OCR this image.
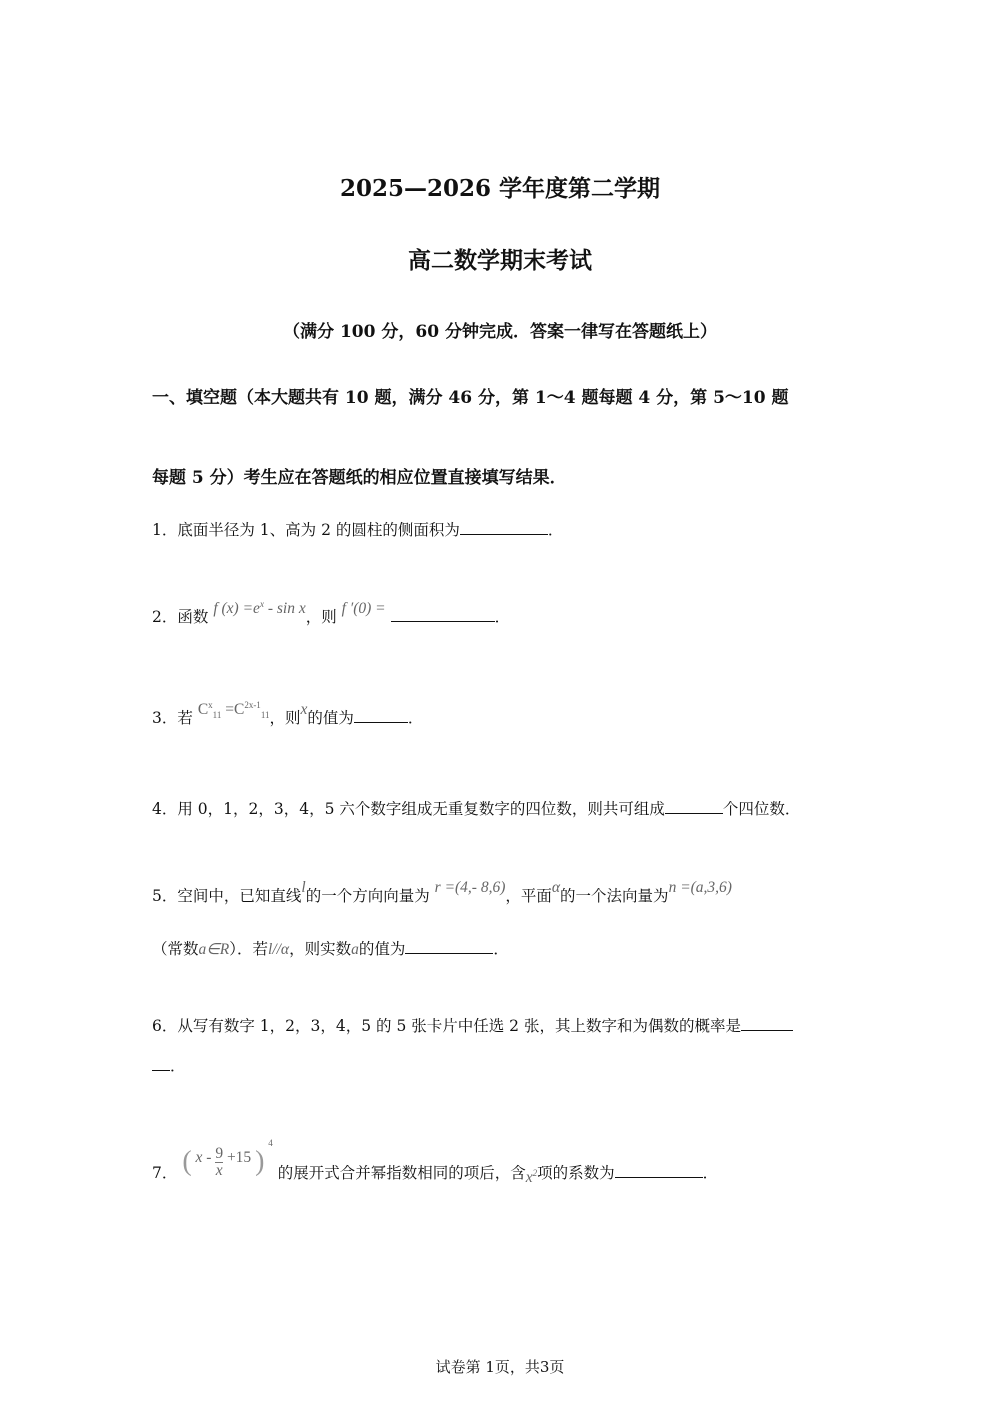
2025—2026 学年度第二学期
高二数学期末考试
（满分 100 分，60 分钟完成．答案一律写在答题纸上）
一、填空题（本大题共有 10 题，满分 46 分，第 1～4 题每题 4 分，第 5～10 题
每题 5 分）考生应在答题纸的相应位置直接填写结果．
1．底面半径为 1、高为 2 的圆柱的侧面积为	．
2．函数 f $(x) =e^x - \sin x$，则 f ′(0) =	．
3．若 $C^x_{11} =C^{2x-1}_{11}$，则x的值为	．
4．用 0，1，2，3，4，5 六个数字组成无重复数字的四位数，则共可组成	个四位数．
5．空间中，已知直线l的一个方向向量为 r =(4,- 8,6)，平面α的一个法向量为n =(a,3,6)
（常数a∈R）．若l//α，则实数a的值为	．
6．从写有数字 1，2，3，4，5 的 5 张卡片中任选 2 张，其上数字和为偶数的概率是
．
7． ( $x - \frac{9}{x} +15$ ) $^4$ 的展开式合并幂指数相同的项后，含$x^2$项的系数为	．
试卷第 1页，共3页
